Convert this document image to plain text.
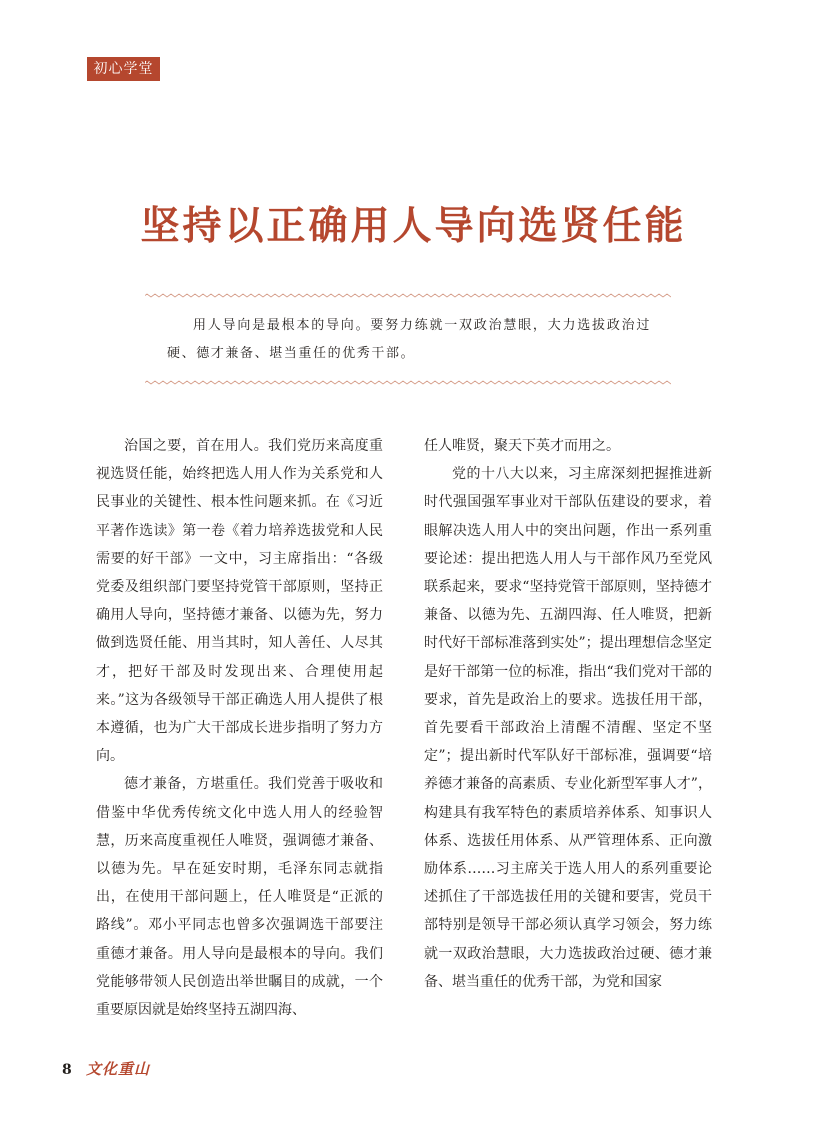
初心学堂
坚持以正确用人导向选贤任能

用人导向是最根本的导向。要努力练就一双政治慧眼，大力选拔政治过硬、德才兼备、堪当重任的优秀干部。

治国之要，首在用人。我们党历来高度重视选贤任能，始终把选人用人作为关系党和人民事业的关键性、根本性问题来抓。在《习近平著作选读》第一卷《着力培养选拔党和人民需要的好干部》一文中，习主席指出：“各级党委及组织部门要坚持党管干部原则，坚持正确用人导向，坚持德才兼备、以德为先，努力做到选贤任能、用当其时，知人善任、人尽其才，把好干部及时发现出来、合理使用起来。”这为各级领导干部正确选人用人提供了根本遵循，也为广大干部成长进步指明了努力方向。

德才兼备，方堪重任。我们党善于吸收和借鉴中华优秀传统文化中选人用人的经验智慧，历来高度重视任人唯贤，强调德才兼备、以德为先。早在延安时期，毛泽东同志就指出，在使用干部问题上，任人唯贤是“正派的路线”。邓小平同志也曾多次强调选干部要注重德才兼备。用人导向是最根本的导向。我们党能够带领人民创造出举世瞩目的成就，一个重要原因就是始终坚持五湖四海、

任人唯贤，聚天下英才而用之。

党的十八大以来，习主席深刻把握推进新时代强国强军事业对干部队伍建设的要求，着眼解决选人用人中的突出问题，作出一系列重要论述：提出把选人用人与干部作风乃至党风联系起来，要求“坚持党管干部原则，坚持德才兼备、以德为先、五湖四海、任人唯贤，把新时代好干部标准落到实处”；提出理想信念坚定是好干部第一位的标准，指出“我们党对干部的要求，首先是政治上的要求。选拔任用干部，首先要看干部政治上清醒不清醒、坚定不坚定”；提出新时代军队好干部标准，强调要“培养德才兼备的高素质、专业化新型军事人才”，构建具有我军特色的素质培养体系、知事识人体系、选拔任用体系、从严管理体系、正向激励体系……习主席关于选人用人的系列重要论述抓住了干部选拔任用的关键和要害，党员干部特别是领导干部必须认真学习领会，努力练就一双政治慧眼，大力选拔政治过硬、德才兼备、堪当重任的优秀干部，为党和国家

8 文化重山
